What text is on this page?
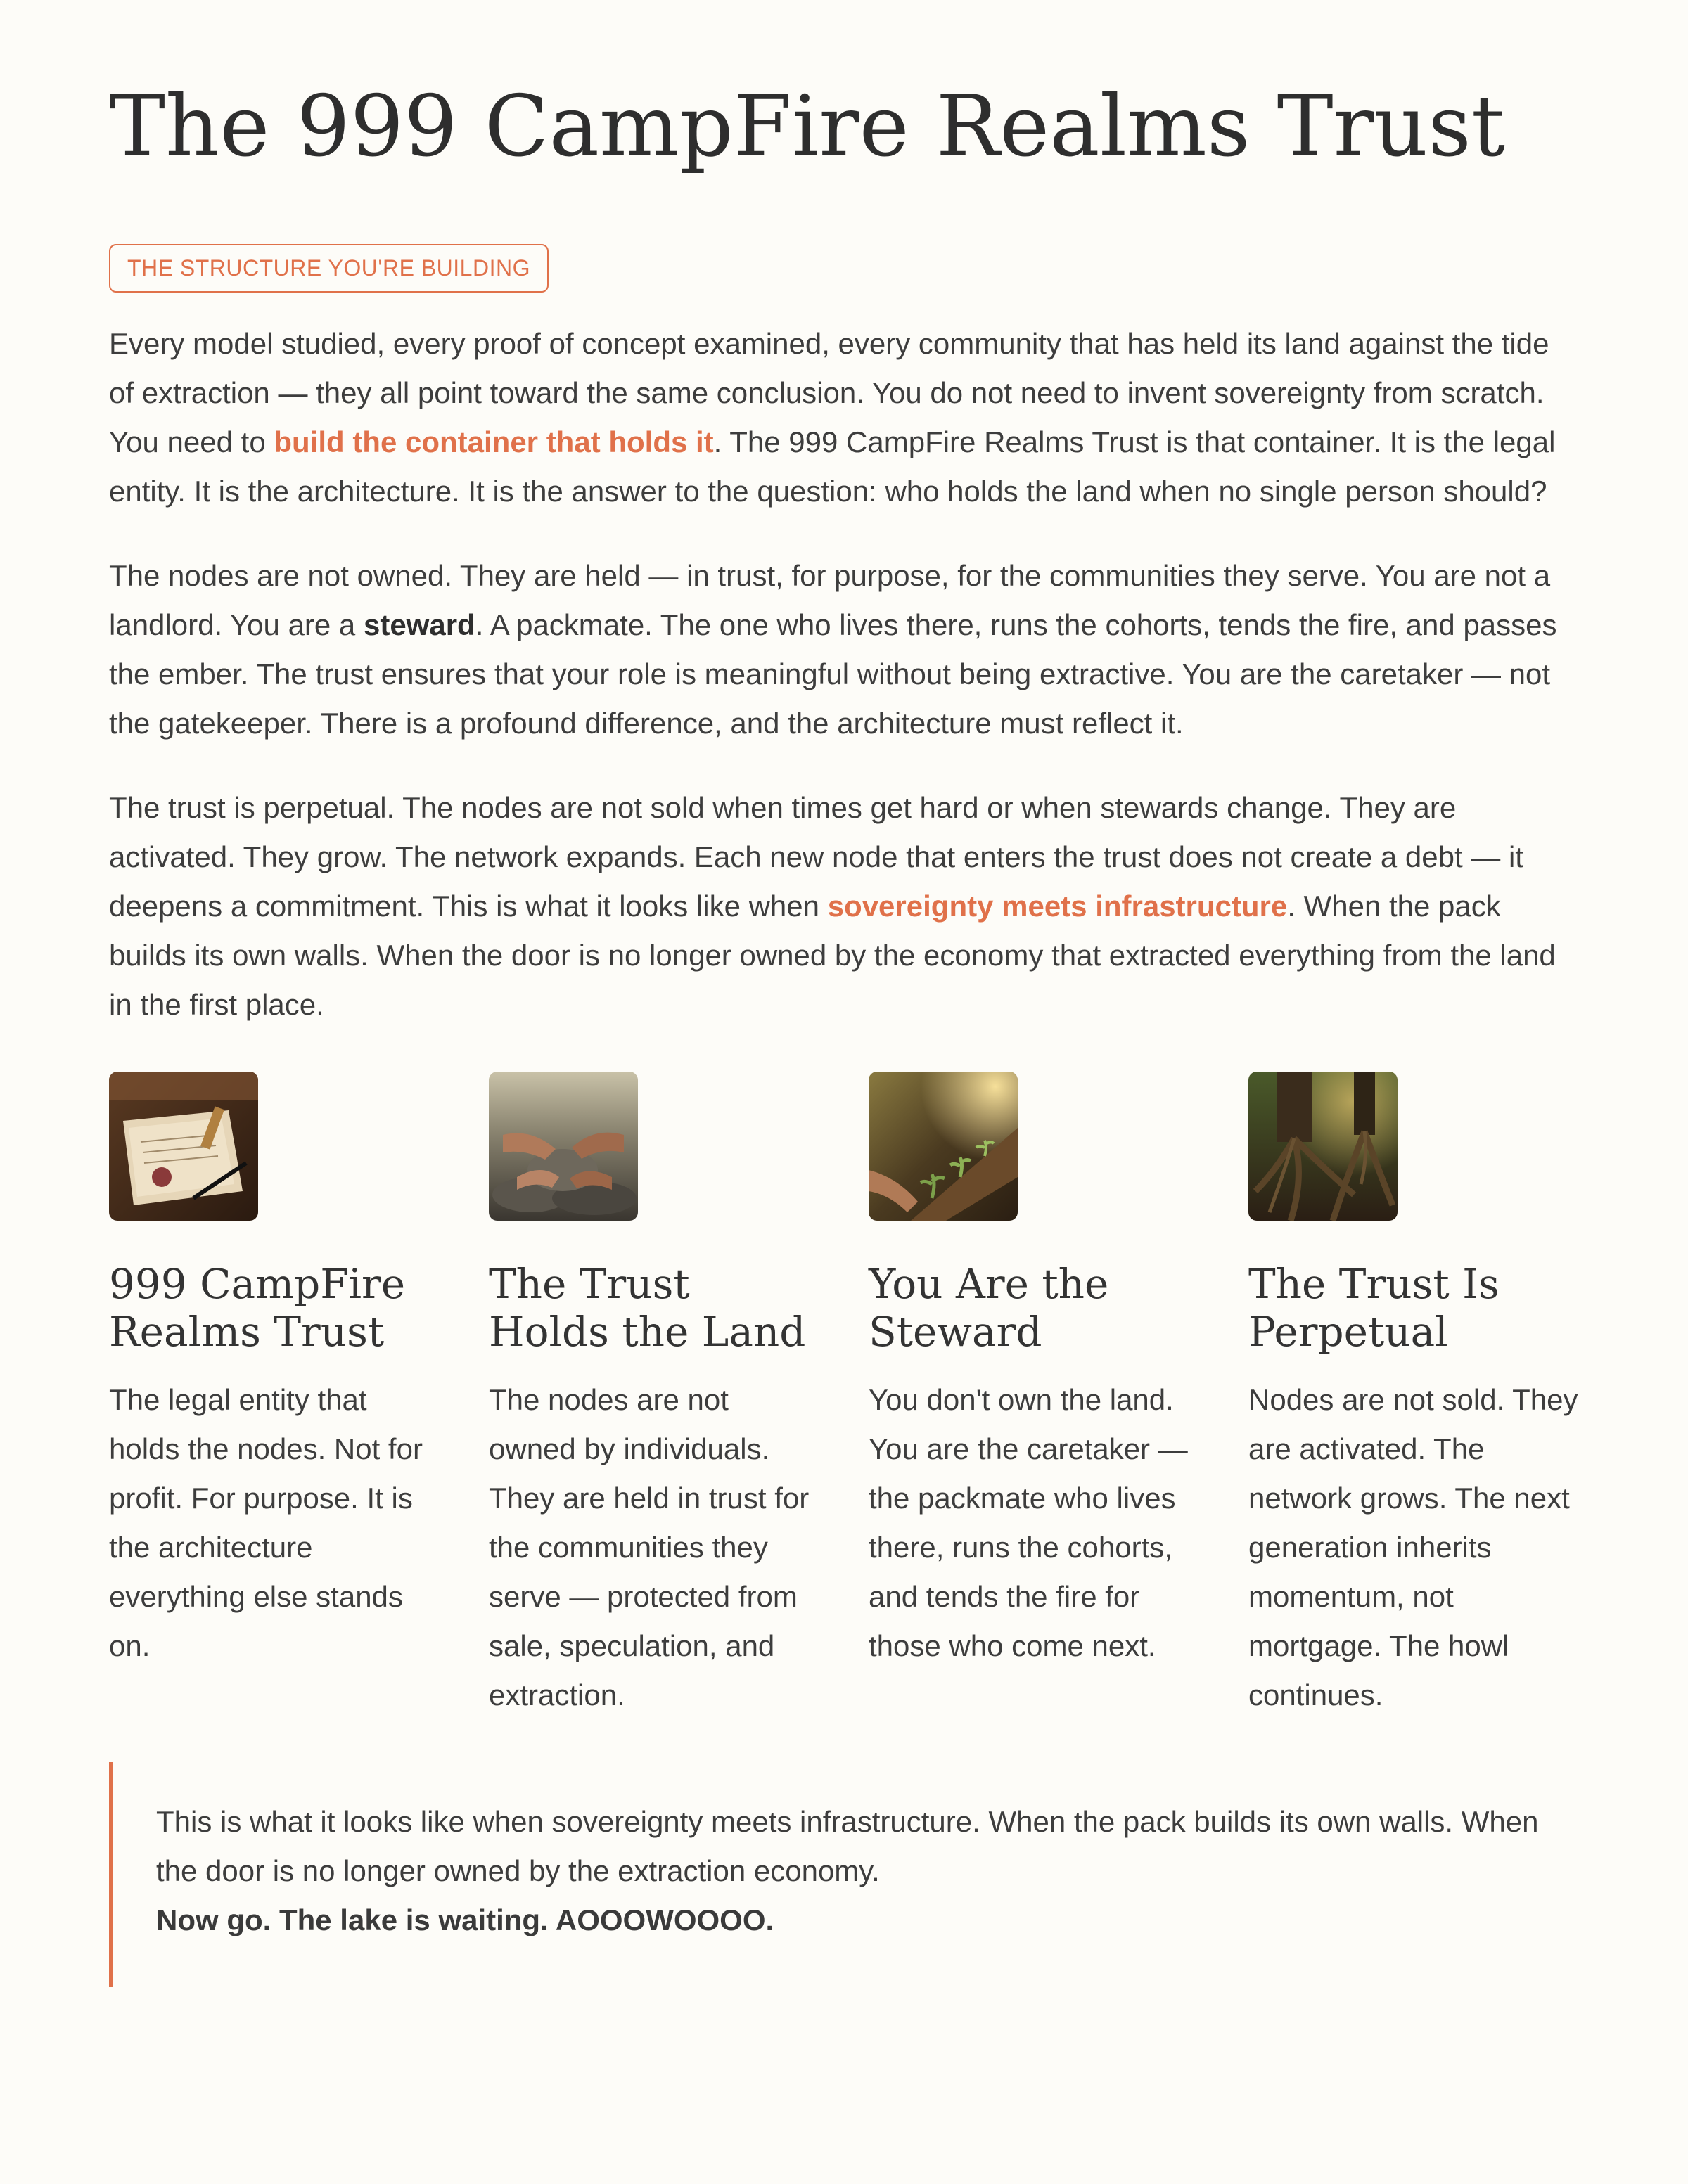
The 999 CampFire Realms Trust
THE STRUCTURE YOU'RE BUILDING

Every model studied, every proof of concept examined, every community that has held its land against the tide of extraction — they all point toward the same conclusion. You do not need to invent sovereignty from scratch. You need to build the container that holds it. The 999 CampFire Realms Trust is that container. It is the legal entity. It is the architecture. It is the answer to the question: who holds the land when no single person should?

The nodes are not owned. They are held — in trust, for purpose, for the communities they serve. You are not a landlord. You are a steward. A packmate. The one who lives there, runs the cohorts, tends the fire, and passes the ember. The trust ensures that your role is meaningful without being extractive. You are the caretaker — not the gatekeeper. There is a profound difference, and the architecture must reflect it.

The trust is perpetual. The nodes are not sold when times get hard or when stewards change. They are activated. They grow. The network expands. Each new node that enters the trust does not create a debt — it deepens a commitment. This is what it looks like when sovereignty meets infrastructure. When the pack builds its own walls. When the door is no longer owned by the economy that extracted everything from the land in the first place.

999 CampFire Realms Trust

The legal entity that holds the nodes. Not for profit. For purpose. It is the architecture everything else stands on.

The Trust Holds the Land

The nodes are not owned by individuals. They are held in trust for the communities they serve — protected from sale, speculation, and extraction.

You Are the Steward

You don't own the land. You are the caretaker — the packmate who lives there, runs the cohorts, and tends the fire for those who come next.

The Trust Is Perpetual

Nodes are not sold. They are activated. The network grows. The next generation inherits momentum, not mortgage. The howl continues.

This is what it looks like when sovereignty meets infrastructure. When the pack builds its own walls. When the door is no longer owned by the extraction economy.

Now go. The lake is waiting. AOOOWOOOO.
